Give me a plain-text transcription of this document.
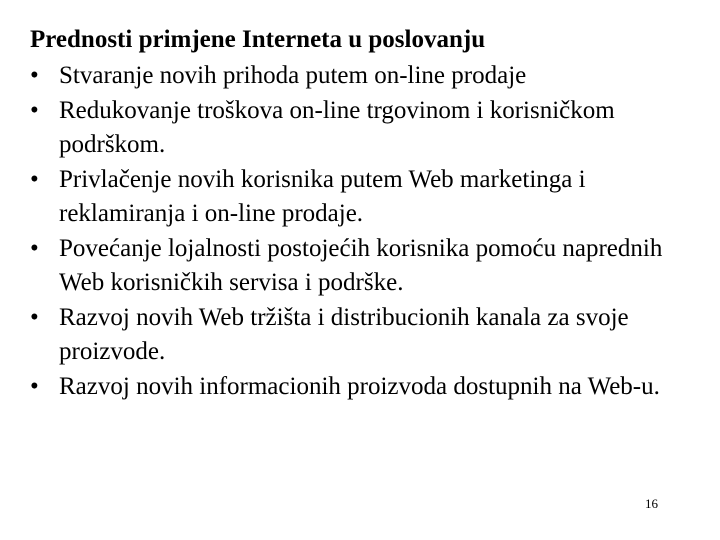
Prednosti primjene Interneta u poslovanju
• Stvaranje novih prihoda putem on-line prodaje
• Redukovanje troškova on-line trgovinom i korisničkom podrškom.
• Privlačenje novih korisnika putem Web marketinga i reklamiranja i on-line prodaje.
• Povećanje lojalnosti postojećih korisnika pomoću naprednih Web korisničkih servisa i podrške.
• Razvoj novih Web tržišta i distribucionih kanala za svoje proizvode.
• Razvoj novih informacionih proizvoda dostupnih na Web-u.
16
